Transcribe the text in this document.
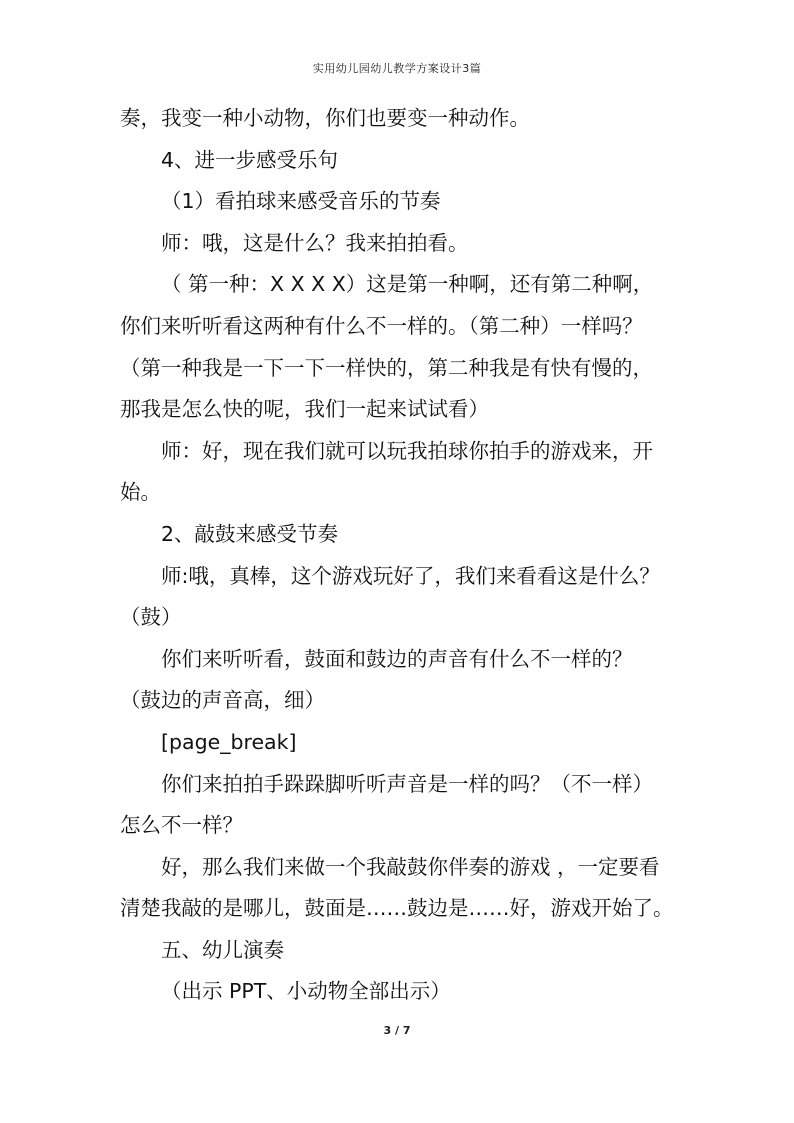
实用幼儿园幼儿教学方案设计3篇
奏，我变一种小动物，你们也要变一种动作。
4、进一步感受乐句
（1）看拍球来感受音乐的节奏
师：哦，这是什么？我来拍拍看。
（ 第一种：X X X X）这是第一种啊，还有第二种啊，
你们来听听看这两种有什么不一样的。（第二种）一样吗？
（第一种我是一下一下一样快的，第二种我是有快有慢的，
那我是怎么快的呢，我们一起来试试看）
师：好，现在我们就可以玩我拍球你拍手的游戏来，开
始。
2、敲鼓来感受节奏
师:哦，真棒，这个游戏玩好了，我们来看看这是什么？
（鼓）
你们来听听看，鼓面和鼓边的声音有什么不一样的？
（鼓边的声音高，细）
[page_break]
你们来拍拍手跺跺脚听听声音是一样的吗？（不一样）
怎么不一样？
好，那么我们来做一个我敲鼓你伴奏的游戏 ，一定要看
清楚我敲的是哪儿，鼓面是……鼓边是……好，游戏开始了。
五、幼儿演奏
（出示 PPT、小动物全部出示）
3 / 7
